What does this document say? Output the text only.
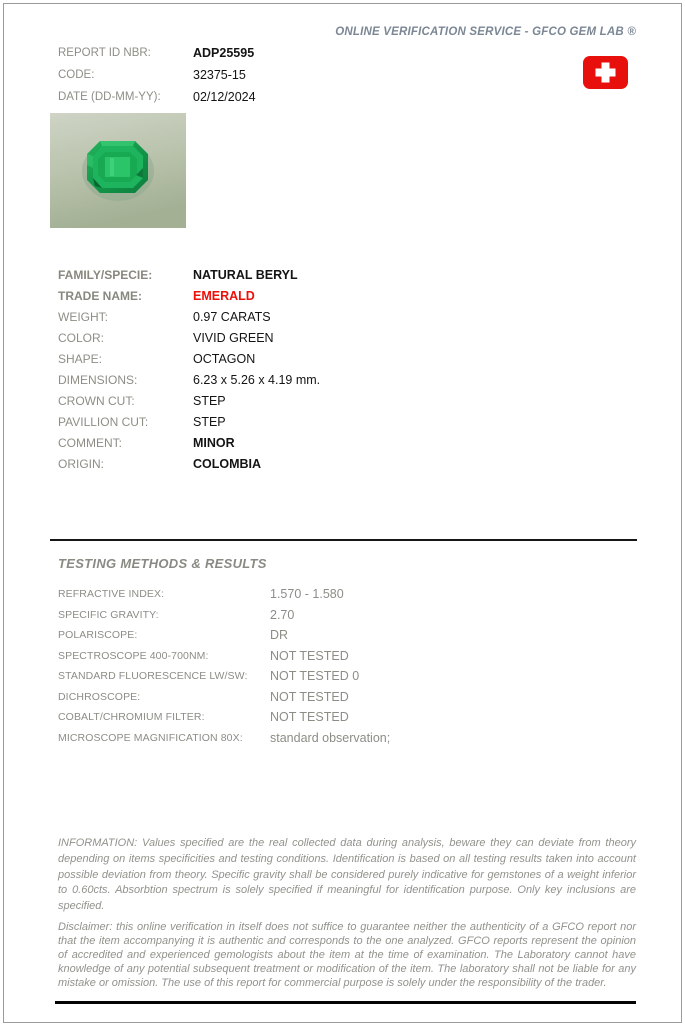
ONLINE VERIFICATION SERVICE - GFCO GEM LAB ®
REPORT ID NBR:	ADP25595
CODE:	32375-15
DATE (DD-MM-YY):	02/12/2024
FAMILY/SPECIE:	NATURAL BERYL
TRADE NAME:	EMERALD
WEIGHT:	0.97 CARATS
COLOR:	VIVID GREEN
SHAPE:	OCTAGON
DIMENSIONS:	6.23 x 5.26 x 4.19 mm.
CROWN CUT:	STEP
PAVILLION CUT:	STEP
COMMENT:	MINOR
ORIGIN:	COLOMBIA
TESTING METHODS & RESULTS
REFRACTIVE INDEX:	1.570 - 1.580
SPECIFIC GRAVITY:	2.70
POLARISCOPE:	DR
SPECTROSCOPE 400-700NM:	NOT TESTED
STANDARD FLUORESCENCE LW/SW:	NOT TESTED 0
DICHROSCOPE:	NOT TESTED
COBALT/CHROMIUM FILTER:	NOT TESTED
MICROSCOPE MAGNIFICATION 80X:	standard observation;
INFORMATION: Values specified are the real collected data during analysis, beware they can deviate from theory depending on items specificities and testing conditions. Identification is based on all testing results taken into account possible deviation from theory. Specific gravity shall be considered purely indicative for gemstones of a weight inferior to 0.60cts. Absorbtion spectrum is solely specified if meaningful for identification purpose. Only key inclusions are specified.
Disclaimer: this online verification in itself does not suffice to guarantee neither the authenticity of a GFCO report nor that the item accompanying it is authentic and corresponds to the one analyzed. GFCO reports represent the opinion of accredited and experienced gemologists about the item at the time of examination. The Laboratory cannot have knowledge of any potential subsequent treatment or modification of the item. The laboratory shall not be liable for any mistake or omission. The use of this report for commercial purpose is solely under the responsibility of the trader.
